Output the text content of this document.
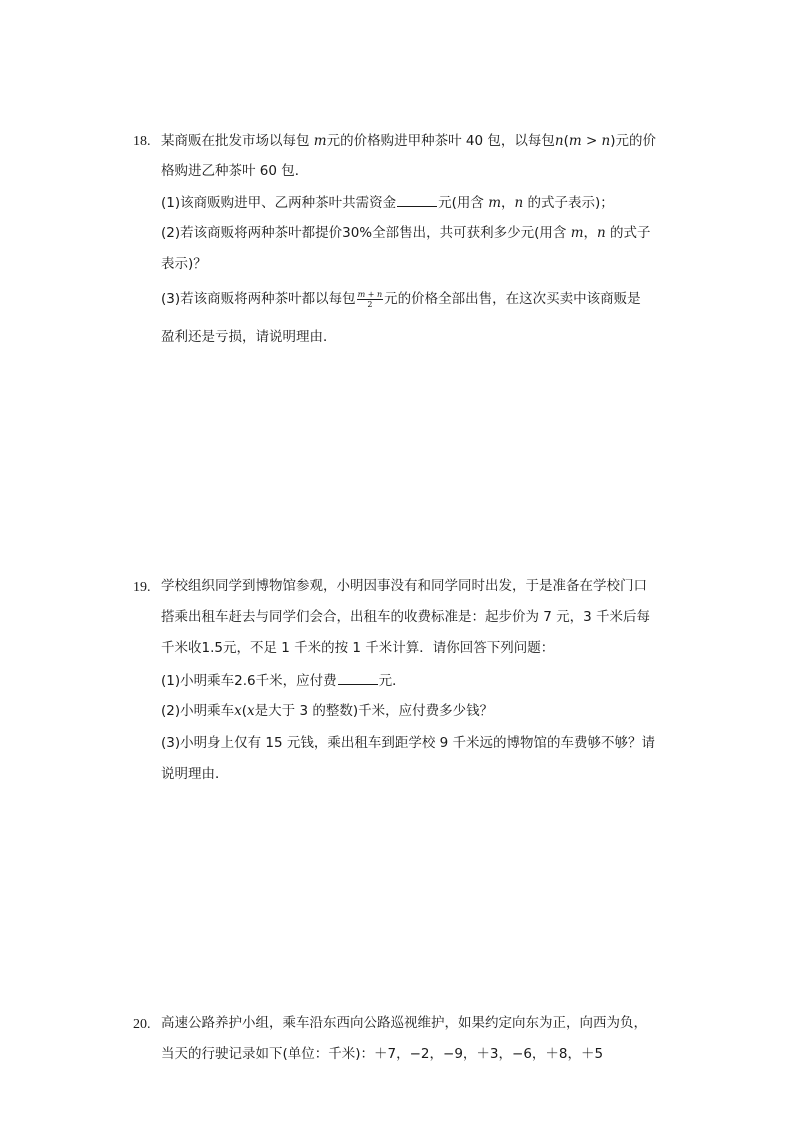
18. 某商贩在批发市场以每包 m元的价格购进甲种茶叶 40 包，以每包n(m > n)元的价
格购进乙种茶叶 60 包．
(1)该商贩购进甲、乙两种茶叶共需资金	元(用含 m，n 的式子表示)；
(2)若该商贩将两种茶叶都提价30%全部售出，共可获利多少元(用含 m，n 的式子
表示)？
(3)若该商贩将两种茶叶都以每包 $\frac{m + n}{2}$ 元的价格全部出售，在这次买卖中该商贩是
盈利还是亏损，请说明理由．
19. 学校组织同学到博物馆参观，小明因事没有和同学同时出发，于是准备在学校门口
搭乘出租车赶去与同学们会合，出租车的收费标准是：起步价为 7 元，3 千米后每
千米收1.5元，不足 1 千米的按 1 千米计算．请你回答下列问题：
(1)小明乘车2.6千米，应付费	元．
(2)小明乘车x(x是大于 3 的整数)千米，应付费多少钱？
(3)小明身上仅有 15 元钱，乘出租车到距学校 9 千米远的博物馆的车费够不够？请
说明理由．
20. 高速公路养护小组，乘车沿东西向公路巡视维护，如果约定向东为正，向西为负，
当天的行驶记录如下(单位：千米)：＋7，−2，−9，＋3，−6，＋8，＋5
